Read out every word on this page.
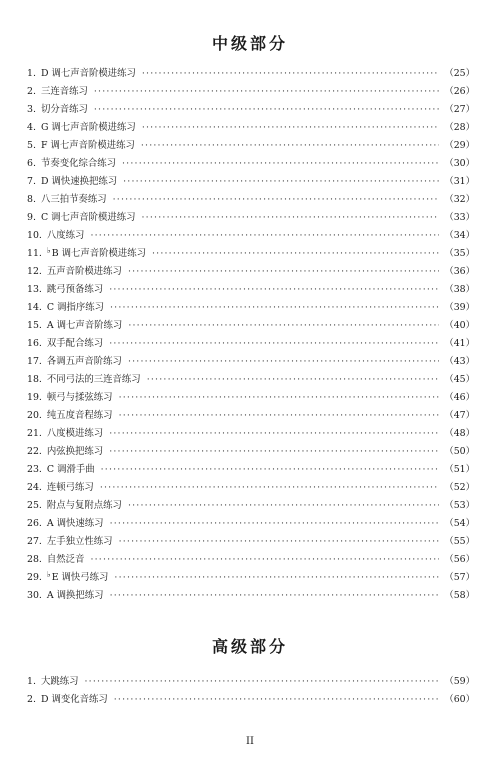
中级部分
1. D 调七声音阶模进练习 ·····	（25）
2. 三连音练习 ·····	（26）
3. 切分音练习 ·····	（27）
4. G 调七声音阶模进练习 ·····	（28）
5. F 调七声音阶模进练习 ·····	（29）
6. 节奏变化综合练习 ·····	（30）
7. D 调快速换把练习 ·····	（31）
8. 八三拍节奏练习 ·····	（32）
9. C 调七声音阶模进练习 ·····	（33）
10. 八度练习 ·····	（34）
11. ♭B 调七声音阶模进练习 ·····	（35）
12. 五声音阶模进练习 ·····	（36）
13. 跳弓预备练习 ·····	（38）
14. C 调指序练习 ·····	（39）
15. A 调七声音阶练习 ·····	（40）
16. 双手配合练习 ·····	（41）
17. 各调五声音阶练习 ·····	（43）
18. 不同弓法的三连音练习 ·····	（45）
19. 顿弓与揉弦练习 ·····	（46）
20. 纯五度音程练习 ·····	（47）
21. 八度模进练习 ·····	（48）
22. 内弦换把练习 ·····	（50）
23. C 调滑手曲 ·····	（51）
24. 连顿弓练习 ·····	（52）
25. 附点与复附点练习 ·····	（53）
26. A 调快速练习 ·····	（54）
27. 左手独立性练习 ·····	（55）
28. 自然泛音 ·····	（56）
29. ♭E 调快弓练习 ·····	（57）
30. A 调换把练习 ·····	（58）
高级部分
1. 大跳练习 ·····	（59）
2. D 调变化音练习 ·····	（60）
II
